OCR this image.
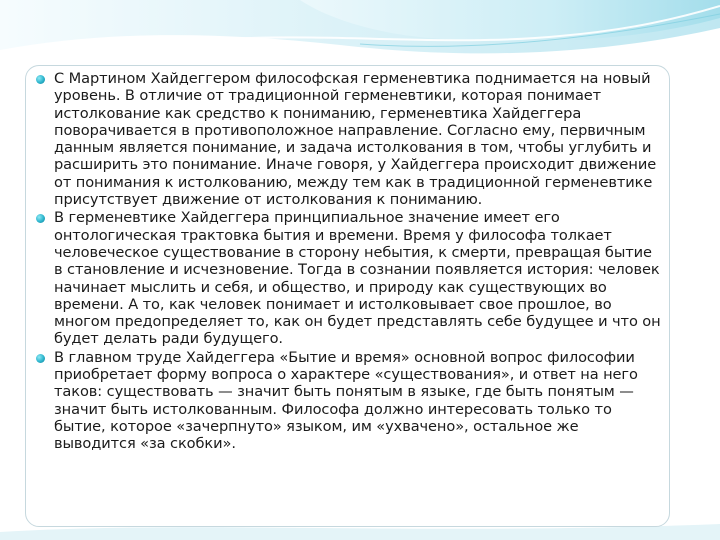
С Мартином Хайдеггером философская герменевтика поднимается на новый уровень. В отличие от традиционной герменевтики, которая понимает истолкование как средство к пониманию, герменевтика Хайдеггера поворачивается в противоположное направление. Согласно ему, первичным данным является понимание, и задача истолкования в том, чтобы углубить и расширить это понимание. Иначе говоря, у Хайдеггера происходит движение от понимания к истолкованию, между тем как в традиционной герменевтике присутствует движение от истолкования к пониманию.
В герменевтике Хайдеггера принципиальное значение имеет его онтологическая трактовка бытия и времени. Время у философа толкает человеческое существование в сторону небытия, к смерти, превращая бытие в становление и исчезновение. Тогда в сознании появляется история: человек начинает мыслить и себя, и общество, и природу как существующих во времени. А то, как человек понимает и истолковывает свое прошлое, во многом предопределяет то, как он будет представлять себе будущее и что он будет делать ради будущего.
В главном труде Хайдеггера «Бытие и время» основной вопрос философии приобретает форму вопроса о характере «существования», и ответ на него таков: существовать — значит быть понятым в языке, где быть понятым — значит быть истолкованным. Философа должно интересовать только то бытие, которое «зачерпнуто» языком, им «ухвачено», остальное же выводится «за скобки».
